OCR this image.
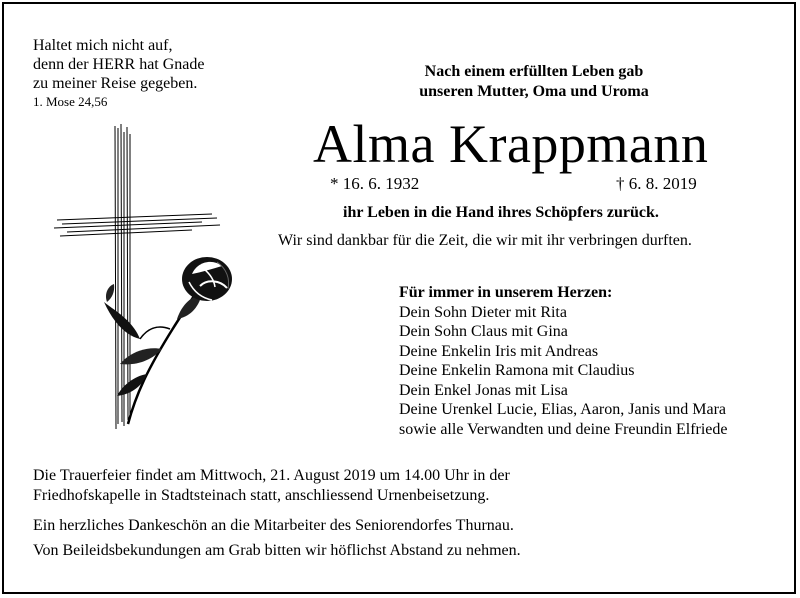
Haltet mich nicht auf,
denn der HERR hat Gnade
zu meiner Reise gegeben.
1. Mose 24,56
Nach einem erfüllten Leben gab
unseren Mutter, Oma und Uroma
Alma Krappmann
* 16. 6. 1932	† 6. 8. 2019
ihr Leben in die Hand ihres Schöpfers zurück.
Wir sind dankbar für die Zeit, die wir mit ihr verbringen durften.
Für immer in unserem Herzen:
Dein Sohn Dieter mit Rita
Dein Sohn Claus mit Gina
Deine Enkelin Iris mit Andreas
Deine Enkelin Ramona mit Claudius
Dein Enkel Jonas mit Lisa
Deine Urenkel Lucie, Elias, Aaron, Janis und Mara
sowie alle Verwandten und deine Freundin Elfriede
Die Trauerfeier findet am Mittwoch, 21. August 2019 um 14.00 Uhr in der
Friedhofskapelle in Stadtsteinach statt, anschliessend Urnenbeisetzung.
Ein herzliches Dankeschön an die Mitarbeiter des Seniorendorfes Thurnau.
Von Beileidsbekundungen am Grab bitten wir höflichst Abstand zu nehmen.
